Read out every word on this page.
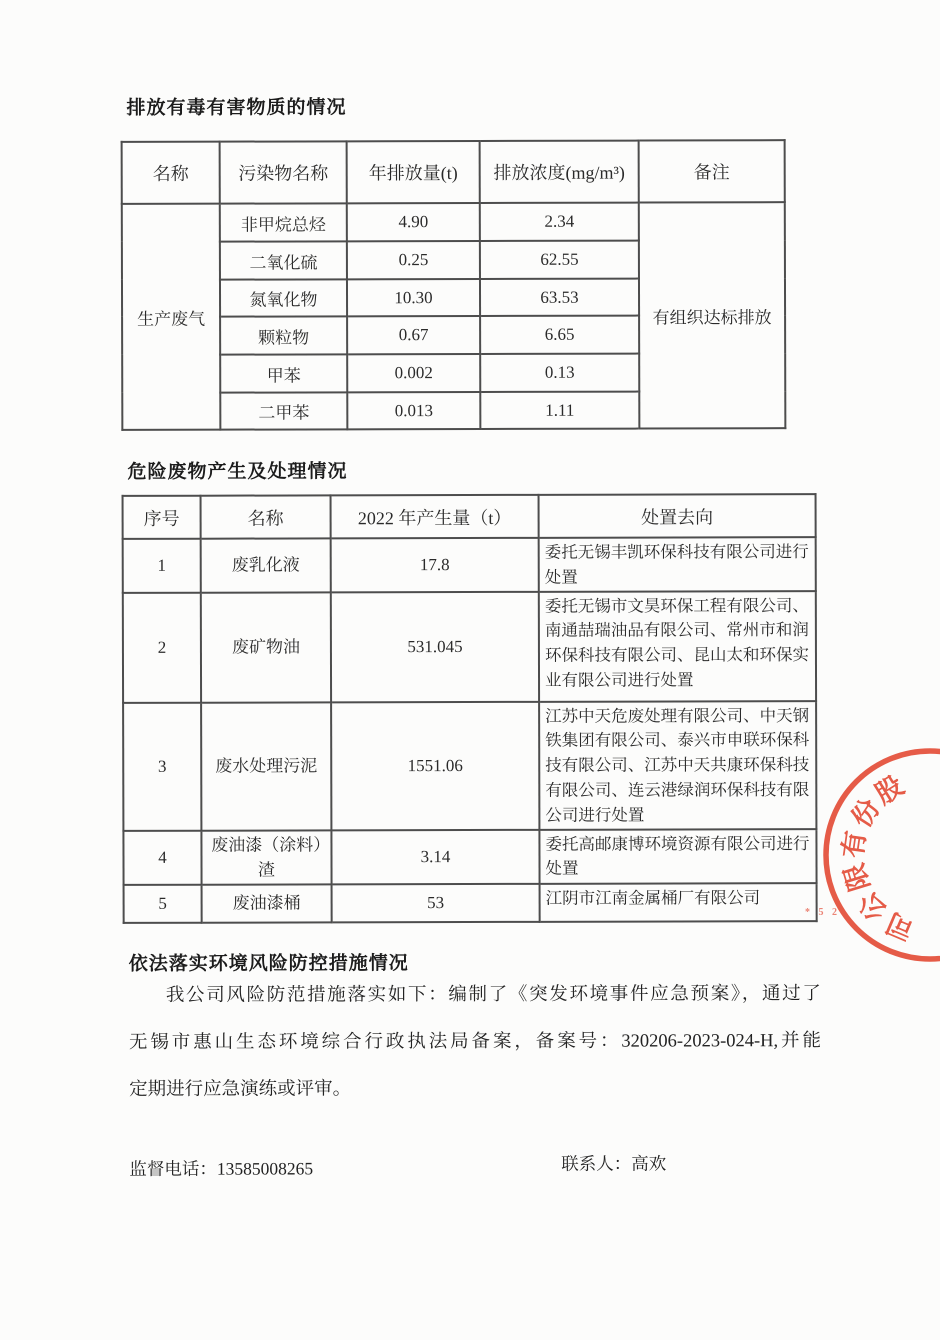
排放有毒有害物质的情况
名称	污染物名称	年排放量(t)	排放浓度(mg/m³)	备注
生产废气	非甲烷总烃	4.90	2.34	有组织达标排放
	二氧化硫	0.25	62.55	
	氮氧化物	10.30	63.53	
	颗粒物	0.67	6.65	
	甲苯	0.002	0.13	
	二甲苯	0.013	1.11	
危险废物产生及处理情况
序号	名称	2022 年产生量（t）	处置去向
1	废乳化液	17.8	委托无锡丰凯环保科技有限公司进行处置
2	废矿物油	531.045	委托无锡市文昊环保工程有限公司、南通喆瑞油品有限公司、常州市和润环保科技有限公司、昆山太和环保实业有限公司进行处置
3	废水处理污泥	1551.06	江苏中天危废处理有限公司、中天钢铁集团有限公司、泰兴市申联环保科技有限公司、江苏中天共康环保科技有限公司、连云港绿润环保科技有限公司进行处置
4	废油漆（涂料）渣	3.14	委托高邮康博环境资源有限公司进行处置
5	废油漆桶	53	江阴市江南金属桶厂有限公司
依法落实环境风险防控措施情况
我公司风险防范措施落实如下：编制了《突发环境事件应急预案》，通过了
无锡市惠山生态环境综合行政执法局备案，备案号：320206-2023-024-H,并能
定期进行应急演练或评审。
监督电话：13585008265	联系人：高欢
股
份
有
限
公
司
* 5 2
